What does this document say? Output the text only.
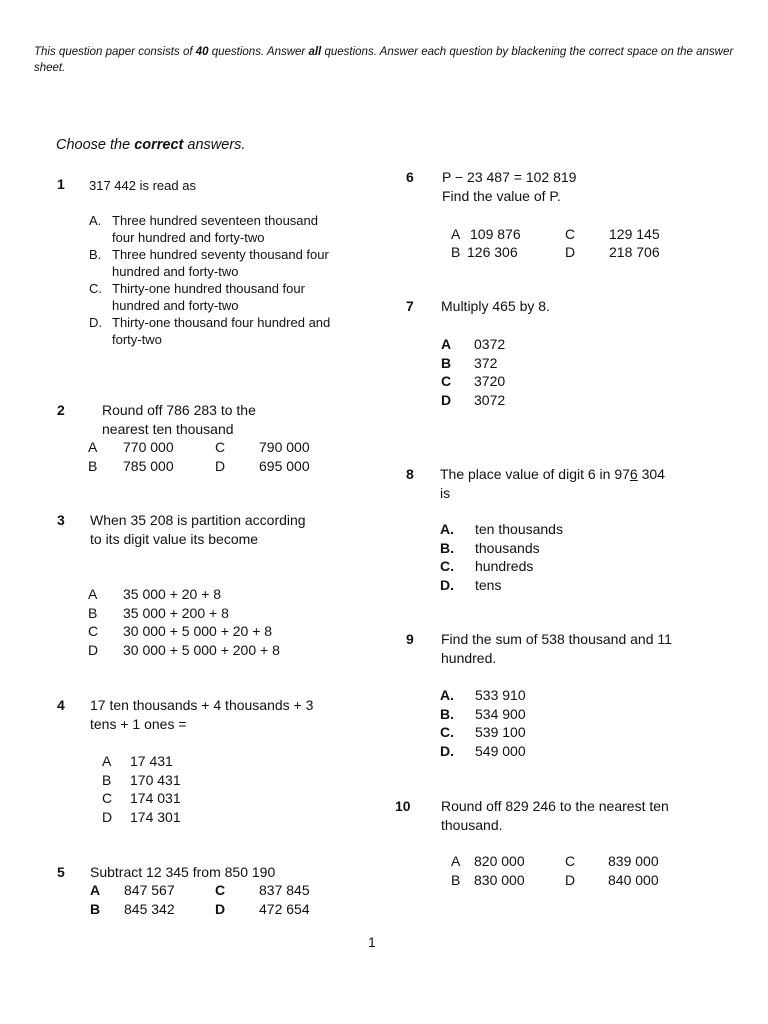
This question paper consists of 40 questions. Answer all questions. Answer each question by blackening the correct space on the answer sheet.
Choose the correct answers.
1 317 442 is read as
A. Three hundred seventeen thousand four hundred and forty-two
B. Three hundred seventy thousand four hundred and forty-two
C. Thirty-one hundred thousand four hundred and forty-two
D. Thirty-one thousand four hundred and forty-two
2	Round off 786 283 to the nearest ten thousand
A 770 000	C 790 000
B 785 000	D 695 000
3 When 35 208 is partition according to its digit value its become
A 35 000 + 20 + 8
B 35 000 + 200 + 8
C 30 000 + 5 000 + 20 + 8
D 30 000 + 5 000 + 200 + 8
4 17 ten thousands + 4 thousands + 3 tens + 1 ones =
A 17 431
B 170 431
C 174 031
D 174 301
5 Subtract 12 345 from 850 190
A 847 567	C 837 845
B 845 342	D 472 654
6 P − 23 487 = 102 819
Find the value of P.
A 109 876	C 129 145
B 126 306	D 218 706
7 Multiply 465 by 8.
A 0372
B 372
C 3720
D 3072
8 The place value of digit 6 in 976 304
is
A. ten thousands
B. thousands
C. hundreds
D. tens
9 Find the sum of 538 thousand and 11
hundred.
A. 533 910
B. 534 900
C. 539 100
D. 549 000
10 Round off 829 246 to the nearest ten
thousand.
A 820 000	C 839 000
B 830 000	D 840 000
1
